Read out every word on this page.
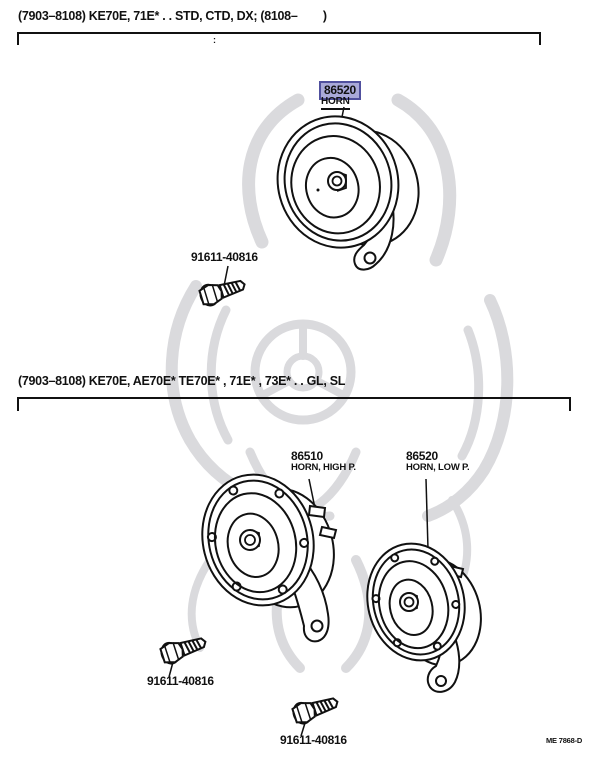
(7903–8108) KE70E, 71E* . . STD, CTD, DX; (8108–        )
:
86520
HORN
91611-40816
(7903–8108) KE70E, AE70E* TE70E* , 71E* , 73E* . . GL, SL
86510
HORN, HIGH P.
86520
HORN, LOW P.
91611-40816
91611-40816	ME 7868-D
